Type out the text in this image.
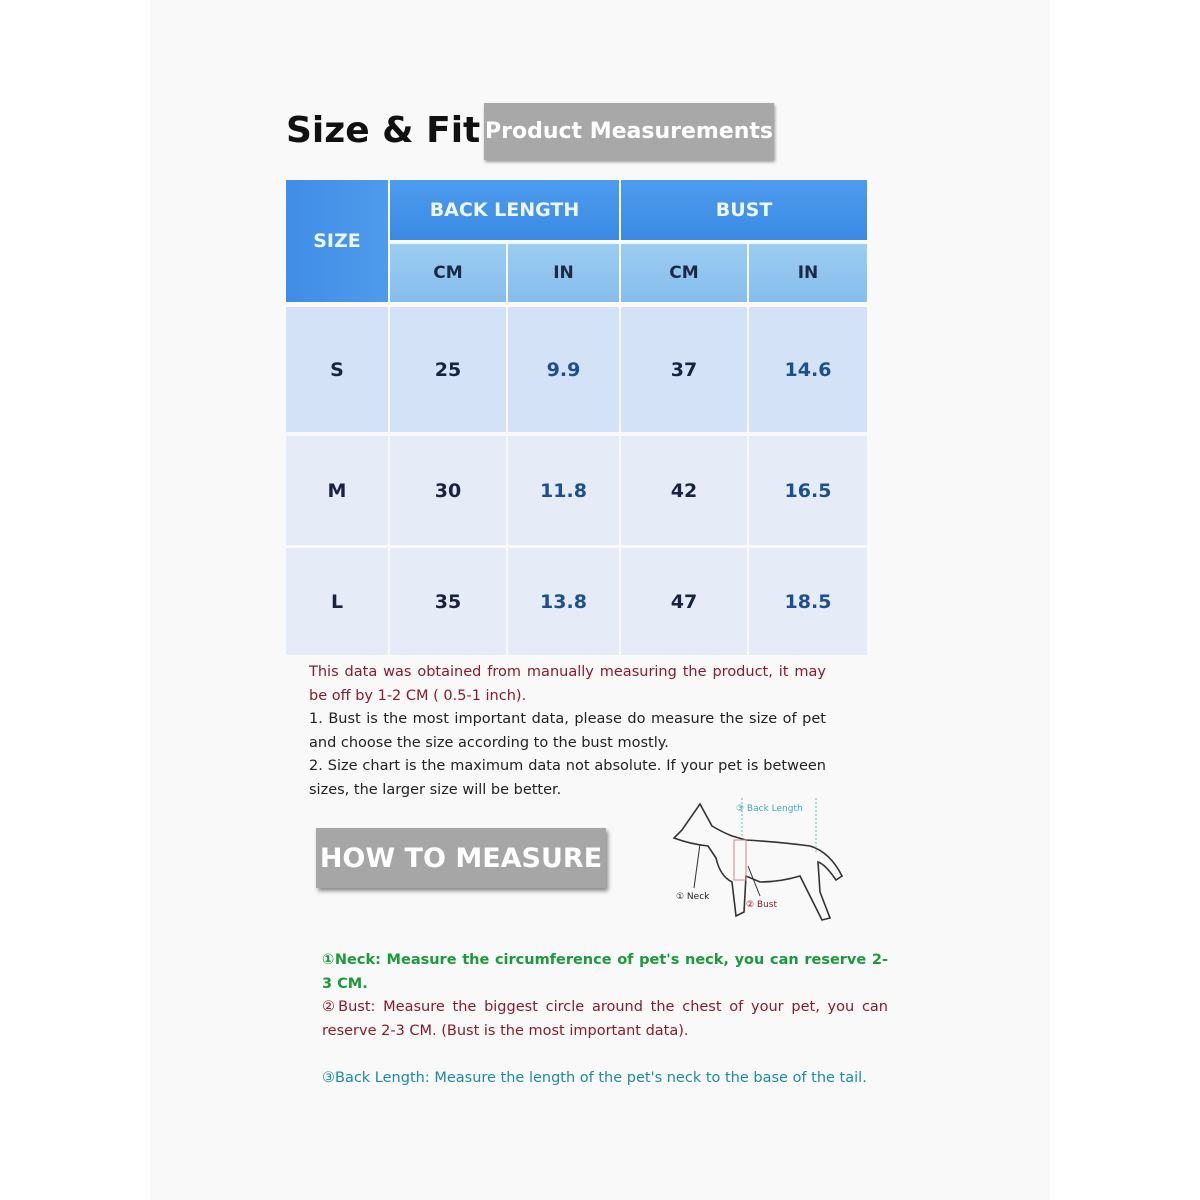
Size & Fit Product Measurements
SIZE
BACK LENGTH	BUST
CM	IN	CM	IN
S	25	9.9	37	14.6
M	30	11.8	42	16.5
L	35	13.8	47	18.5
This data was obtained from manually measuring the product, it may be off by 1-2 CM ( 0.5-1 inch).
1. Bust is the most important data, please do measure the size of pet and choose the size according to the bust mostly.
2. Size chart is the maximum data not absolute. If your pet is between sizes, the larger size will be better.
HOW TO MEASURE
③ Back Length
① Neck
② Bust
①Neck: Measure the circumference of pet's neck, you can reserve 2-3 CM.
②Bust: Measure the biggest circle around the chest of your pet, you can reserve 2-3 CM. (Bust is the most important data).
③Back Length: Measure the length of the pet's neck to the base of the tail.
